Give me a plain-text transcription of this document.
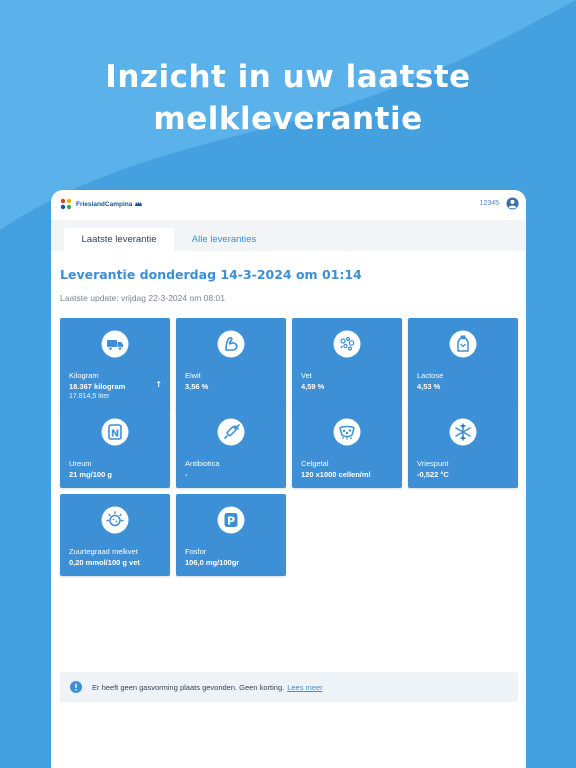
Inzicht in uw laatste
melkleverantie
FrieslandCampina	12345
Laatste leverantie	Alle leveranties
Leverantie donderdag 14-3-2024 om 01:14
Laatste update: vrijdag 22-3-2024 om 08:01
Kilogram
18.367 kilogram	↑
17.814,5 liter
Eiwit
3,56 %
Vet
4,59 %
Lactose
4,53 %
N
Ureum
21 mg/100 g
Antibiotica
-
Celgetal
120 x1000 cellen/ml
Vriespunt
-0,522 °C
Zuurtegraad melkvet
0,20 mmol/100 g vet
P
Fosfor
106,0 mg/100gr
Er heeft geen gasvorming plaats gevonden. Geen korting. Lees meer
